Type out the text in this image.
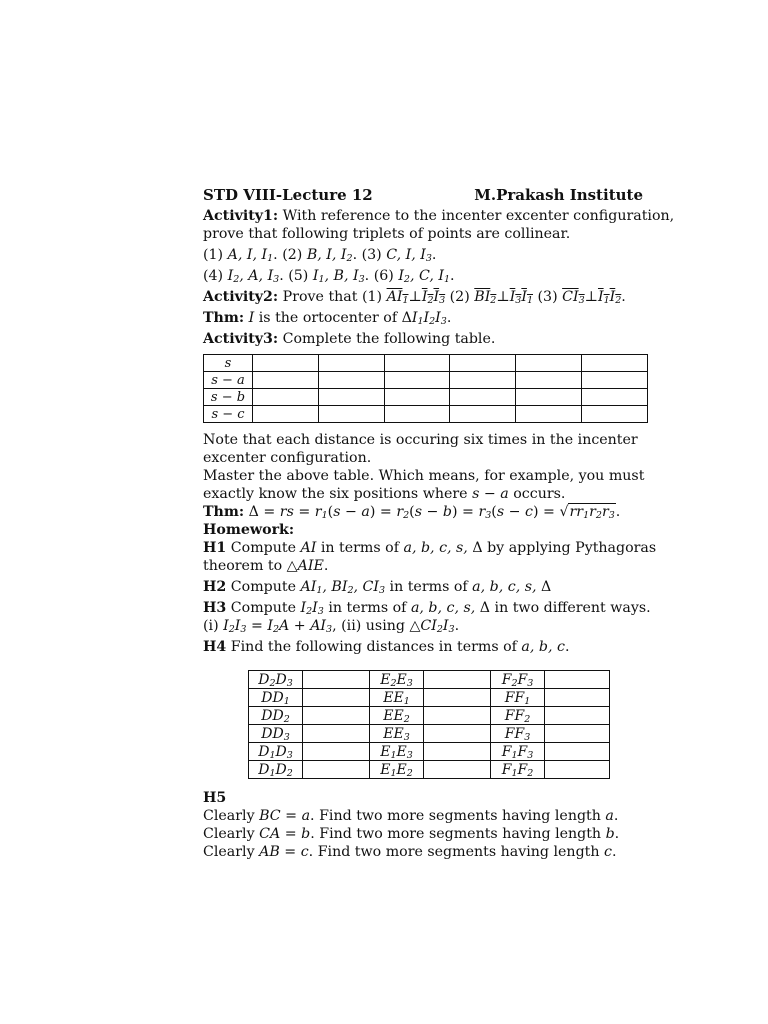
STD VIII-Lecture 12	M.Prakash Institute
Activity1: With reference to the incenter excenter configuration,
prove that following triplets of points are collinear.
(1) A, I, $I_1$. (2) B, I, $I_2$. (3) C, I, $I_3$.
(4) $I_2$, A, $I_3$. (5) $I_1$, B, $I_3$. (6) $I_2$, C, $I_1$.
Activity2: Prove that (1) $AI_1\perp I_2I_3$ (2) $BI_2\perp I_3I_1$ (3) $CI_3\perp I_1I_2$.
Thm: I is the ortocenter of $\Delta I_1I_2I_3$.
Activity3: Complete the following table.
s						
s − a						
s − b						
s − c						
Note that each distance is occuring six times in the incenter
excenter configuration.
Master the above table. Which means, for example, you must
exactly know the six positions where s − a occurs.
Thm: Δ = rs = $r_1(s - a) = r_2(s - b) = r_3(s - c) = √rr_1r_2r_3$.
Homework:
H1 Compute AI in terms of a, b, c, s, Δ by applying Pythagoras
theorem to △AIE.
H2 Compute $AI_1$, $BI_2$, $CI_3$ in terms of a, b, c, s, Δ
H3 Compute $I_2I_3$ in terms of a, b, c, s, Δ in two different ways.
(i) $I_2I_3 = I_2A + AI_3$, (ii) using $\triangle CI_2I_3$.
H4 Find the following distances in terms of a, b, c.
$D_2D_3$		$E_2E_3$		$F_2F_3$	
$DD_1$		$EE_1$		$FF_1$	
$DD_2$		$EE_2$		$FF_2$	
$DD_3$		$EE_3$		$FF_3$	
$D_1D_3$		$E_1E_3$		$F_1F_3$	
$D_1D_2$		$E_1E_2$		$F_1F_2$	
H5
Clearly BC = a. Find two more segments having length a.
Clearly CA = b. Find two more segments having length b.
Clearly AB = c. Find two more segments having length c.
